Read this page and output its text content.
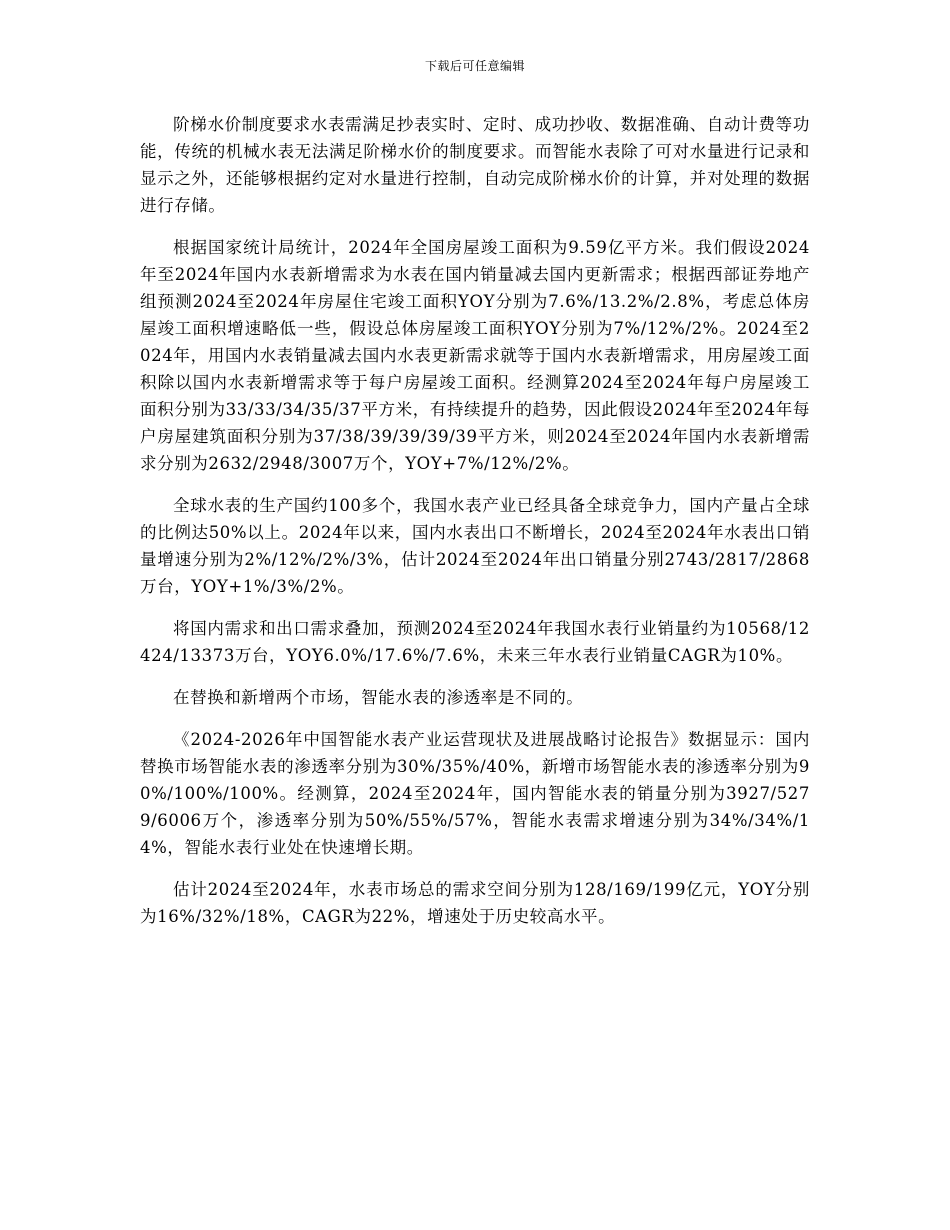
下载后可任意编辑

阶梯水价制度要求水表需满足抄表实时、定时、成功抄收、数据准确、自动计费等功能，传统的机械水表无法满足阶梯水价的制度要求。而智能水表除了可对水量进行记录和显示之外，还能够根据约定对水量进行控制，自动完成阶梯水价的计算，并对处理的数据进行存储。

根据国家统计局统计，2024年全国房屋竣工面积为9.59亿平方米。我们假设2024年至2024年国内水表新增需求为水表在国内销量减去国内更新需求；根据西部证券地产组预测2024至2024年房屋住宅竣工面积YOY分别为7.6%/13.2%/2.8%，考虑总体房屋竣工面积增速略低一些，假设总体房屋竣工面积YOY分别为7%/12%/2%。2024至2024年，用国内水表销量减去国内水表更新需求就等于国内水表新增需求，用房屋竣工面积除以国内水表新增需求等于每户房屋竣工面积。经测算2024至2024年每户房屋竣工面积分别为33/33/34/35/37平方米，有持续提升的趋势，因此假设2024年至2024年每户房屋建筑面积分别为37/38/39/39/39/39平方米，则2024至2024年国内水表新增需求分别为2632/2948/3007万个，YOY+7%/12%/2%。

全球水表的生产国约100多个，我国水表产业已经具备全球竞争力，国内产量占全球的比例达50%以上。2024年以来，国内水表出口不断增长，2024至2024年水表出口销量增速分别为2%/12%/2%/3%，估计2024至2024年出口销量分别2743/2817/2868万台，YOY+1%/3%/2%。

将国内需求和出口需求叠加，预测2024至2024年我国水表行业销量约为10568/12424/13373万台，YOY6.0%/17.6%/7.6%，未来三年水表行业销量CAGR为10%。

在替换和新增两个市场，智能水表的渗透率是不同的。

《2024-2026年中国智能水表产业运营现状及进展战略讨论报告》数据显示：国内替换市场智能水表的渗透率分别为30%/35%/40%，新增市场智能水表的渗透率分别为90%/100%/100%。经测算，2024至2024年，国内智能水表的销量分别为3927/5279/6006万个，渗透率分别为50%/55%/57%，智能水表需求增速分别为34%/34%/14%，智能水表行业处在快速增长期。

估计2024至2024年，水表市场总的需求空间分别为128/169/199亿元，YOY分别为16%/32%/18%，CAGR为22%，增速处于历史较高水平。
